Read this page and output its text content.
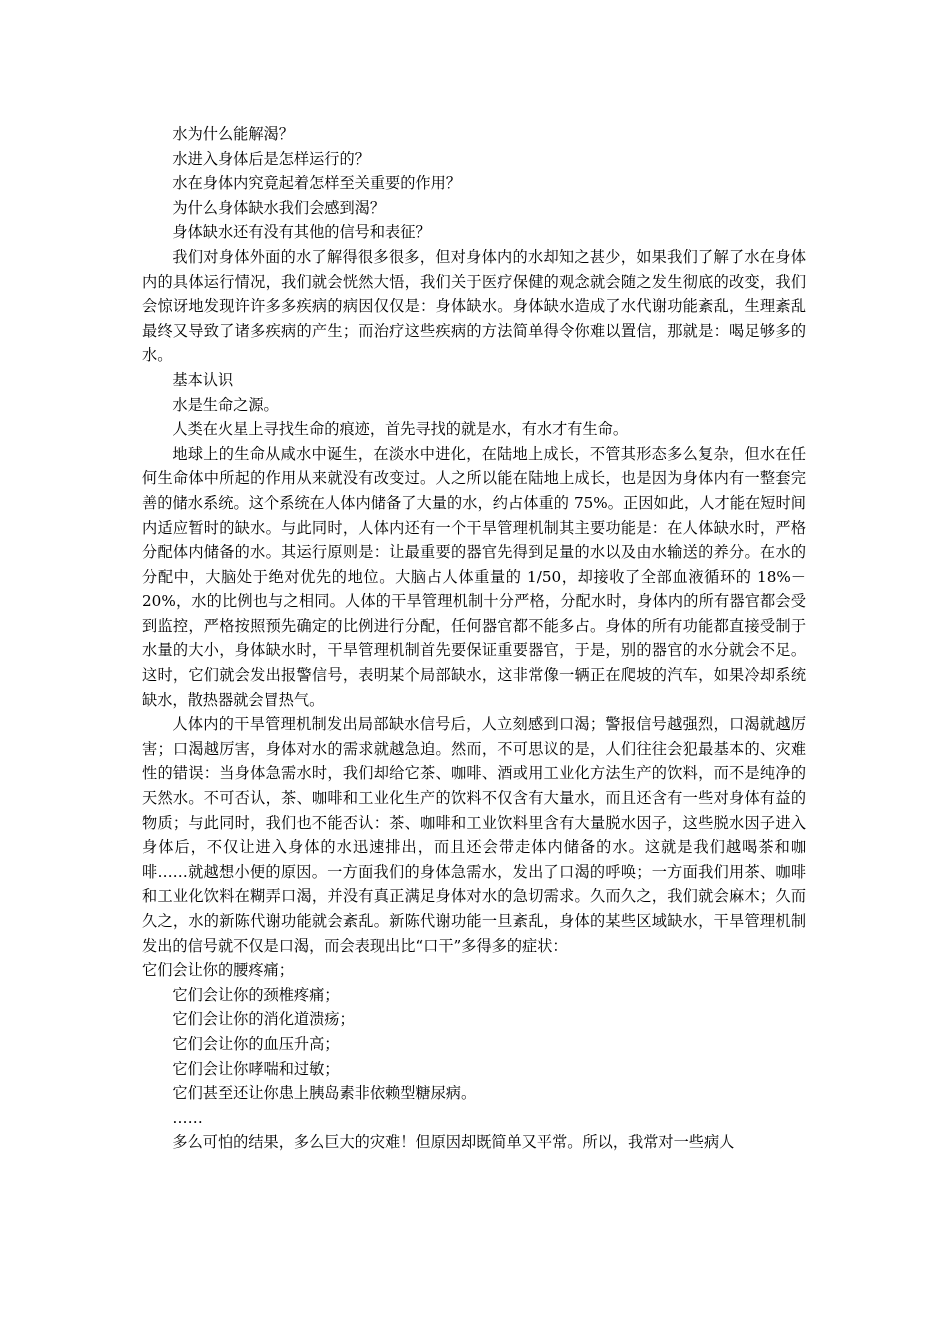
水为什么能解渴？

水进入身体后是怎样运行的？

水在身体内究竟起着怎样至关重要的作用？

为什么身体缺水我们会感到渴？

身体缺水还有没有其他的信号和表征？

我们对身体外面的水了解得很多很多，但对身体内的水却知之甚少，如果我们了解了水在身体内的具体运行情况，我们就会恍然大悟，我们关于医疗保健的观念就会随之发生彻底的改变，我们会惊讶地发现许许多多疾病的病因仅仅是：身体缺水。身体缺水造成了水代谢功能紊乱，生理紊乱最终又导致了诸多疾病的产生；而治疗这些疾病的方法简单得令你难以置信，那就是：喝足够多的水。

基本认识

水是生命之源。

人类在火星上寻找生命的痕迹，首先寻找的就是水，有水才有生命。

地球上的生命从咸水中诞生，在淡水中进化，在陆地上成长，不管其形态多么复杂，但水在任何生命体中所起的作用从来就没有改变过。人之所以能在陆地上成长，也是因为身体内有一整套完善的储水系统。这个系统在人体内储备了大量的水，约占体重的 75%。正因如此，人才能在短时间内适应暂时的缺水。与此同时，人体内还有一个干旱管理机制其主要功能是：在人体缺水时，严格分配体内储备的水。其运行原则是：让最重要的器官先得到足量的水以及由水输送的养分。在水的分配中，大脑处于绝对优先的地位。大脑占人体重量的 1/50，却接收了全部血液循环的 18%－20%，水的比例也与之相同。人体的干旱管理机制十分严格，分配水时，身体内的所有器官都会受到监控，严格按照预先确定的比例进行分配，任何器官都不能多占。身体的所有功能都直接受制于水量的大小，身体缺水时，干旱管理机制首先要保证重要器官，于是，别的器官的水分就会不足。这时，它们就会发出报警信号，表明某个局部缺水，这非常像一辆正在爬坡的汽车，如果冷却系统缺水，散热器就会冒热气。

人体内的干旱管理机制发出局部缺水信号后，人立刻感到口渴；警报信号越强烈，口渴就越厉害；口渴越厉害，身体对水的需求就越急迫。然而，不可思议的是，人们往往会犯最基本的、灾难性的错误：当身体急需水时，我们却给它茶、咖啡、酒或用工业化方法生产的饮料，而不是纯净的天然水。不可否认，茶、咖啡和工业化生产的饮料不仅含有大量水，而且还含有一些对身体有益的物质；与此同时，我们也不能否认：茶、咖啡和工业饮料里含有大量脱水因子，这些脱水因子进入身体后，不仅让进入身体的水迅速排出，而且还会带走体内储备的水。这就是我们越喝茶和咖啡……就越想小便的原因。一方面我们的身体急需水，发出了口渴的呼唤；一方面我们用茶、咖啡和工业化饮料在糊弄口渴，并没有真正满足身体对水的急切需求。久而久之，我们就会麻木；久而久之，水的新陈代谢功能就会紊乱。新陈代谢功能一旦紊乱，身体的某些区域缺水，干旱管理机制发出的信号就不仅是口渴，而会表现出比“口干”多得多的症状：

它们会让你的腰疼痛；

它们会让你的颈椎疼痛；

它们会让你的消化道溃疡；

它们会让你的血压升高；

它们会让你哮喘和过敏；

它们甚至还让你患上胰岛素非依赖型糖尿病。

……

多么可怕的结果，多么巨大的灾难！但原因却既简单又平常。所以，我常对一些病人
